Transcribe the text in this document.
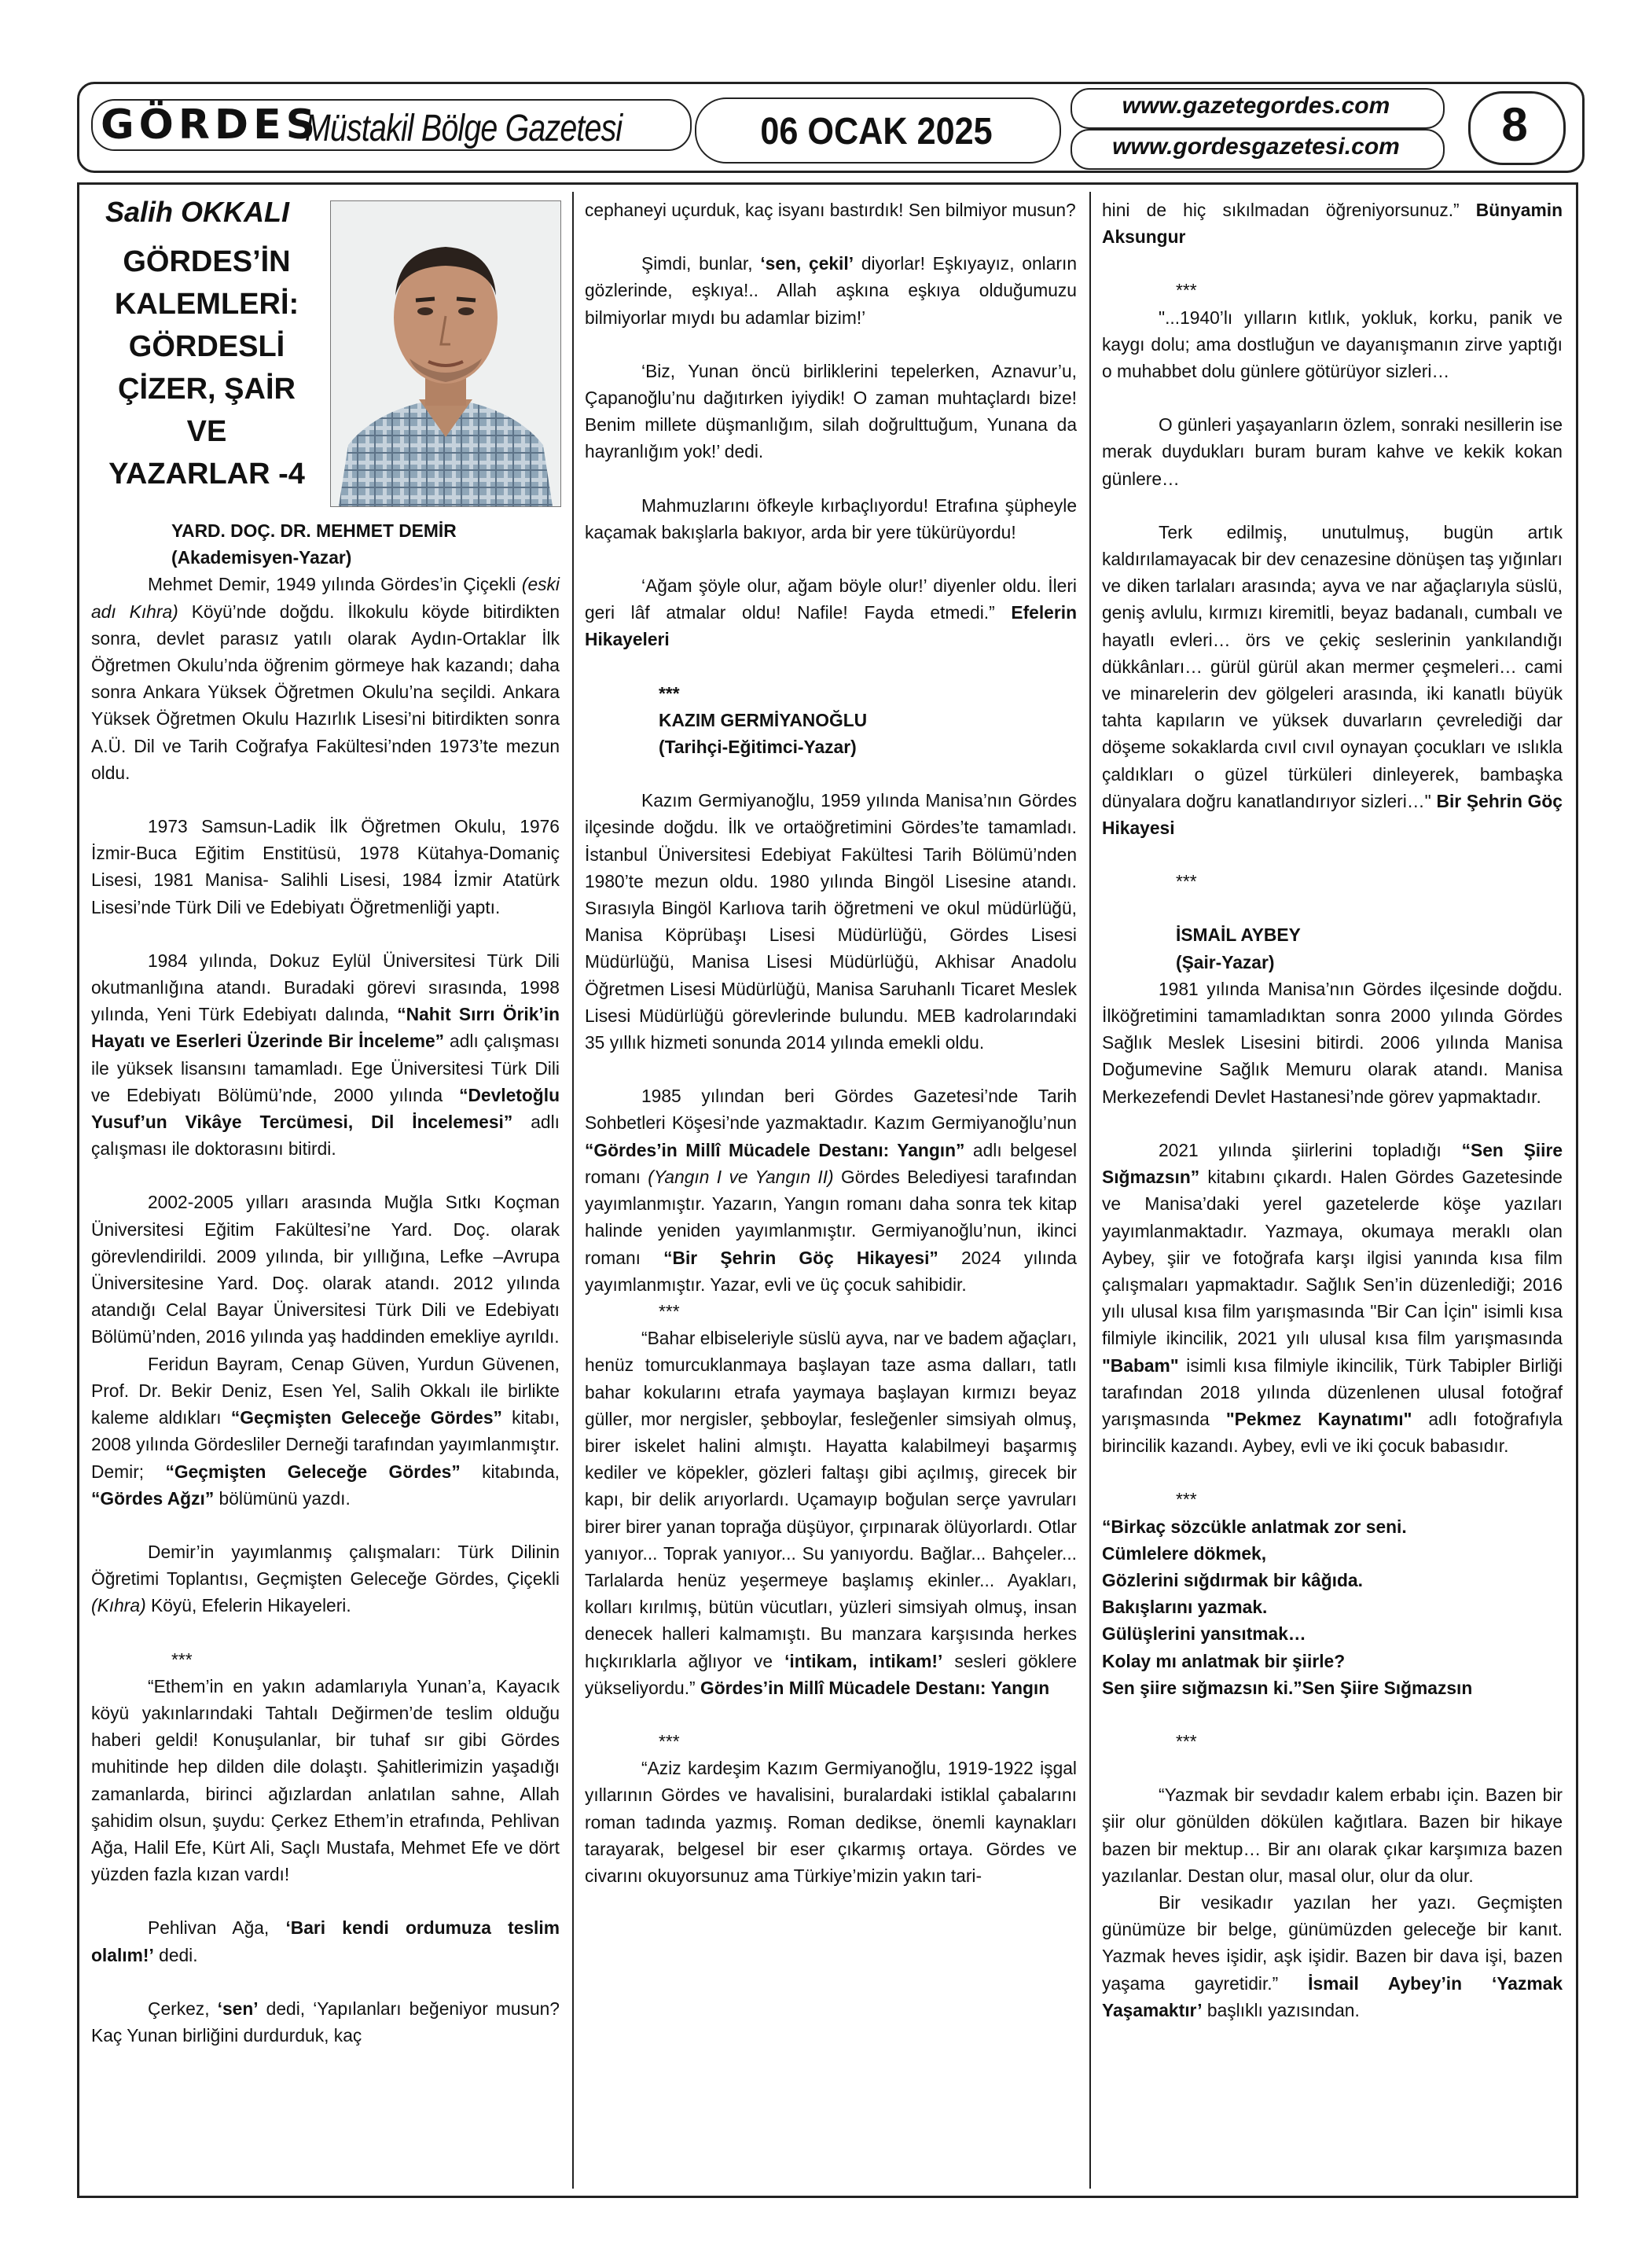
GÖRDES
Müstakil Bölge Gazetesi	06 OCAK 2025
www.gazetegordes.com
www.gordesgazetesi.com	8
Salih OKKALI
GÖRDES’İN
KALEMLERİ:
GÖRDESLİ
ÇİZER, ŞAİR
VE
YAZARLAR -4

YARD. DOÇ. DR. MEHMET DEMİR

(Akademisyen-Yazar)

Mehmet Demir, 1949 yılında Gördes’in Çiçekli (eski adı Kıhra) Köyü’nde doğdu. İlkokulu köyde bitirdikten sonra, devlet parasız yatılı olarak Aydın-Ortaklar İlk Öğretmen Okulu’nda öğrenim görmeye hak kazandı; daha sonra Ankara Yüksek Öğretmen Okulu’na seçildi. Ankara Yüksek Öğretmen Okulu Hazırlık Lisesi’ni bitirdikten sonra A.Ü. Dil ve Tarih Coğrafya Fakültesi’nden 1973’te mezun oldu.

1973 Samsun-Ladik İlk Öğretmen Okulu, 1976 İzmir-Buca Eğitim Enstitüsü, 1978 Kütahya-Domaniç Lisesi, 1981 Manisa- Salihli Lisesi, 1984 İzmir Atatürk Lisesi’nde Türk Dili ve Edebiyatı Öğretmenliği yaptı.

1984 yılında, Dokuz Eylül Üniversitesi Türk Dili okutmanlığına atandı. Buradaki görevi sırasında, 1998 yılında, Yeni Türk Edebiyatı dalında, “Nahit Sırrı Örik’in Hayatı ve Eserleri Üzerinde Bir İnceleme” adlı çalışması ile yüksek lisansını tamamladı. Ege Üniversitesi Türk Dili ve Edebiyatı Bölümü’nde, 2000 yılında “Devletoğlu Yusuf’un Vikâye Tercümesi, Dil İncelemesi” adlı çalışması ile doktorasını bitirdi.

2002-2005 yılları arasında Muğla Sıtkı Koçman Üniversitesi Eğitim Fakültesi’ne Yard. Doç. olarak görevlendirildi. 2009 yılında, bir yıllığına, Lefke –Avrupa Üniversitesine Yard. Doç. olarak atandı. 2012 yılında atandığı Celal Bayar Üniversitesi Türk Dili ve Edebiyatı Bölümü’nden, 2016 yılında yaş haddinden emekliye ayrıldı.

Feridun Bayram, Cenap Güven, Yurdun Güvenen, Prof. Dr. Bekir Deniz, Esen Yel, Salih Okkalı ile birlikte kaleme aldıkları “Geçmişten Geleceğe Gördes” kitabı, 2008 yılında Gördesliler Derneği tarafından yayımlanmıştır. Demir; “Geçmişten Geleceğe Gördes” kitabında, “Gördes Ağzı” bölümünü yazdı.

Demir’in yayımlanmış çalışmaları: Türk Dilinin Öğretimi Toplantısı, Geçmişten Geleceğe Gördes, Çiçekli (Kıhra) Köyü, Efelerin Hikayeleri.

***

“Ethem’in en yakın adamlarıyla Yunan’a, Kayacık köyü yakınlarındaki Tahtalı Değirmen’de teslim olduğu haberi geldi! Konuşulanlar, bir tuhaf sır gibi Gördes muhitinde hep dilden dile dolaştı. Şahitlerimizin yaşadığı zamanlarda, birinci ağızlardan anlatılan sahne, Allah şahidim olsun, şuydu: Çerkez Ethem’in etrafında, Pehlivan Ağa, Halil Efe, Kürt Ali, Saçlı Mustafa, Mehmet Efe ve dört yüzden fazla kızan vardı!

Pehlivan Ağa, ‘Bari kendi ordumuza teslim olalım!’ dedi.

Çerkez, ‘sen’ dedi, ‘Yapılanları beğeniyor musun? Kaç Yunan birliğini durdurduk, kaç

cephaneyi uçurduk, kaç isyanı bastırdık! Sen bilmiyor musun?

Şimdi, bunlar, ‘sen, çekil’ diyorlar! Eşkıyayız, onların gözlerinde, eşkıya!.. Allah aşkına eşkıya olduğumuzu bilmiyorlar mıydı bu adamlar bizim!’

‘Biz, Yunan öncü birliklerini tepelerken, Aznavur’u, Çapanoğlu’nu dağıtırken iyiydik! O zaman muhtaçlardı bize! Benim millete düşmanlığım, silah doğrulttuğum, Yunana da hayranlığım yok!’ dedi.

Mahmuzlarını öfkeyle kırbaçlıyordu! Etrafına şüpheyle kaçamak bakışlarla bakıyor, arda bir yere tükürüyordu!

‘Ağam şöyle olur, ağam böyle olur!’ diyenler oldu. İleri geri lâf atmalar oldu! Nafile! Fayda etmedi.” Efelerin Hikayeleri

***

KAZIM GERMİYANOĞLU

(Tarihçi-Eğitimci-Yazar)

Kazım Germiyanoğlu, 1959 yılında Manisa’nın Gördes ilçesinde doğdu. İlk ve ortaöğretimini Gördes’te tamamladı. İstanbul Üniversitesi Edebiyat Fakültesi Tarih Bölümü’nden 1980’te mezun oldu. 1980 yılında Bingöl Lisesine atandı. Sırasıyla Bingöl Karlıova tarih öğretmeni ve okul müdürlüğü, Manisa Köprübaşı Lisesi Müdürlüğü, Gördes Lisesi Müdürlüğü, Manisa Lisesi Müdürlüğü, Akhisar Anadolu Öğretmen Lisesi Müdürlüğü, Manisa Saruhanlı Ticaret Meslek Lisesi Müdürlüğü görevlerinde bulundu. MEB kadrolarındaki 35 yıllık hizmeti sonunda 2014 yılında emekli oldu.

1985 yılından beri Gördes Gazetesi’nde Tarih Sohbetleri Köşesi’nde yazmaktadır. Kazım Germiyanoğlu’nun “Gördes’in Millî Mücadele Destanı: Yangın” adlı belgesel romanı (Yangın I ve Yangın II) Gördes Belediyesi tarafından yayımlanmıştır. Yazarın, Yangın romanı daha sonra tek kitap halinde yeniden yayımlanmıştır. Germiyanoğlu’nun, ikinci romanı “Bir Şehrin Göç Hikayesi” 2024 yılında yayımlanmıştır. Yazar, evli ve üç çocuk sahibidir.

***

“Bahar elbiseleriyle süslü ayva, nar ve badem ağaçları, henüz tomurcuklanmaya başlayan taze asma dalları, tatlı bahar kokularını etrafa yaymaya başlayan kırmızı beyaz güller, mor nergisler, şebboylar, fesleğenler simsiyah olmuş, birer iskelet halini almıştı. Hayatta kalabilmeyi başarmış kediler ve köpekler, gözleri faltaşı gibi açılmış, girecek bir kapı, bir delik arıyorlardı. Uçamayıp boğulan serçe yavruları birer birer yanan toprağa düşüyor, çırpınarak ölüyorlardı. Otlar yanıyor... Toprak yanıyor... Su yanıyordu. Bağlar... Bahçeler... Tarlalarda henüz yeşermeye başlamış ekinler... Ayakları, kolları kırılmış, bütün vücutları, yüzleri simsiyah olmuş, insan denecek halleri kalmamıştı. Bu manzara karşısında herkes hıçkırıklarla ağlıyor ve ‘intikam, intikam!’ sesleri göklere yükseliyordu.” Gördes’in Millî Mücadele Destanı: Yangın

***

“Aziz kardeşim Kazım Germiyanoğlu, 1919-1922 işgal yıllarının Gördes ve havalisini, buralardaki istiklal çabalarını roman tadında yazmış. Roman dedikse, önemli kaynakları tarayarak, belgesel bir eser çıkarmış ortaya. Gördes ve civarını okuyorsunuz ama Türkiye’mizin yakın tari-

hini de hiç sıkılmadan öğreniyorsunuz.” Bünyamin Aksungur

***

"...1940’lı yılların kıtlık, yokluk, korku, panik ve kaygı dolu; ama dostluğun ve dayanışmanın zirve yaptığı o muhabbet dolu günlere götürüyor sizleri…

O günleri yaşayanların özlem, sonraki nesillerin ise merak duydukları buram buram kahve ve kekik kokan günlere…

Terk edilmiş, unutulmuş, bugün artık kaldırılamayacak bir dev cenazesine dönüşen taş yığınları ve diken tarlaları arasında; ayva ve nar ağaçlarıyla süslü, geniş avlulu, kırmızı kiremitli, beyaz badanalı, cumbalı ve hayatlı evleri… örs ve çekiç seslerinin yankılandığı dükkânları… gürül gürül akan mermer çeşmeleri… cami ve minarelerin dev gölgeleri arasında, iki kanatlı büyük tahta kapıların ve yüksek duvarların çevrelediği dar döşeme sokaklarda cıvıl cıvıl oynayan çocukları ve ıslıkla çaldıkları o güzel türküleri dinleyerek, bambaşka dünyalara doğru kanatlandırıyor sizleri…" Bir Şehrin Göç Hikayesi

***

İSMAİL AYBEY

(Şair-Yazar)

1981 yılında Manisa’nın Gördes ilçesinde doğdu. İlköğretimini tamamladıktan sonra 2000 yılında Gördes Sağlık Meslek Lisesini bitirdi. 2006 yılında Manisa Doğumevine Sağlık Memuru olarak atandı. Manisa Merkezefendi Devlet Hastanesi’nde görev yapmaktadır.

2021 yılında şiirlerini topladığı “Sen Şiire Sığmazsın” kitabını çıkardı. Halen Gördes Gazetesinde ve Manisa’daki yerel gazetelerde köşe yazıları yayımlanmaktadır. Yazmaya, okumaya meraklı olan Aybey, şiir ve fotoğrafa karşı ilgisi yanında kısa film çalışmaları yapmaktadır. Sağlık Sen’in düzenlediği; 2016 yılı ulusal kısa film yarışmasında "Bir Can İçin" isimli kısa filmiyle ikincilik, 2021 yılı ulusal kısa film yarışmasında "Babam" isimli kısa filmiyle ikincilik, Türk Tabipler Birliği tarafından 2018 yılında düzenlenen ulusal fotoğraf yarışmasında "Pekmez Kaynatımı" adlı fotoğrafıyla birincilik kazandı. Aybey, evli ve iki çocuk babasıdır.

***

“Birkaç sözcükle anlatmak zor seni.
Cümlelere dökmek,
Gözlerini sığdırmak bir kâğıda.
Bakışlarını yazmak.
Gülüşlerini yansıtmak…
Kolay mı anlatmak bir şiirle?
Sen şiire sığmazsın ki.”Sen Şiire Sığmazsın

***

“Yazmak bir sevdadır kalem erbabı için. Bazen bir şiir olur gönülden dökülen kağıtlara. Bazen bir hikaye bazen bir mektup… Bir anı olarak çıkar karşımıza bazen yazılanlar. Destan olur, masal olur, olur da olur.

Bir vesikadır yazılan her yazı. Geçmişten günümüze bir belge, günümüzden geleceğe bir kanıt. Yazmak heves işidir, aşk işidir. Bazen bir dava işi, bazen yaşama gayretidir.” İsmail Aybey’in ‘Yazmak Yaşamaktır’ başlıklı yazısından.
